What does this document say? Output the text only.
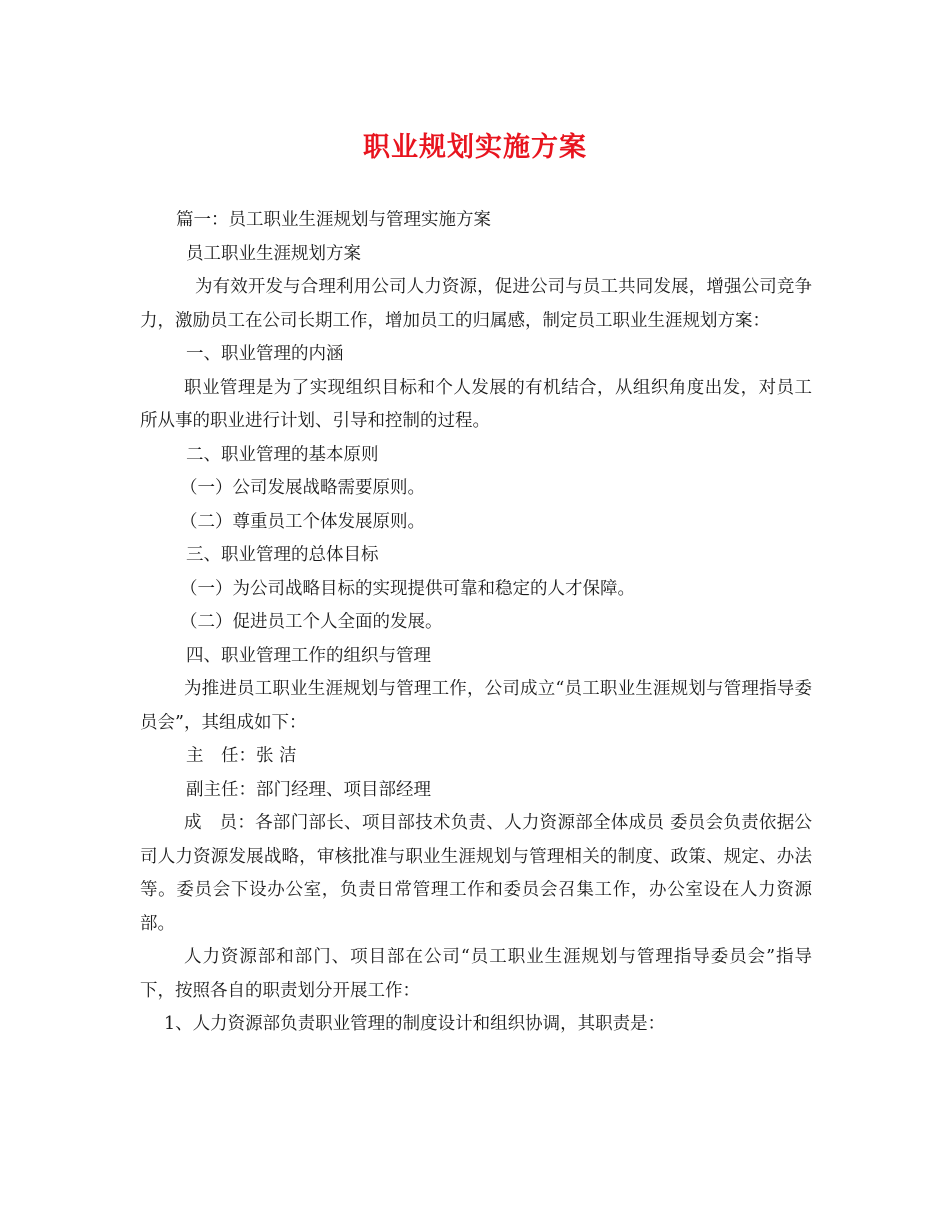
职业规划实施方案

篇一：员工职业生涯规划与管理实施方案

员工职业生涯规划方案

为有效开发与合理利用公司人力资源，促进公司与员工共同发展，增强公司竞争力，激励员工在公司长期工作，增加员工的归属感，制定员工职业生涯规划方案：

一、职业管理的内涵

职业管理是为了实现组织目标和个人发展的有机结合，从组织角度出发，对员工所从事的职业进行计划、引导和控制的过程。

二、职业管理的基本原则

（一）公司发展战略需要原则。

（二）尊重员工个体发展原则。

三、职业管理的总体目标

（一）为公司战略目标的实现提供可靠和稳定的人才保障。

（二）促进员工个人全面的发展。

四、职业管理工作的组织与管理

为推进员工职业生涯规划与管理工作，公司成立“员工职业生涯规划与管理指导委员会”，其组成如下：

主　任：张 洁

副主任：部门经理、项目部经理

成　员：各部门部长、项目部技术负责、人力资源部全体成员 委员会负责依据公司人力资源发展战略，审核批准与职业生涯规划与管理相关的制度、政策、规定、办法等。委员会下设办公室，负责日常管理工作和委员会召集工作，办公室设在人力资源部。

人力资源部和部门、项目部在公司“员工职业生涯规划与管理指导委员会”指导下，按照各自的职责划分开展工作：

1、人力资源部负责职业管理的制度设计和组织协调，其职责是：
